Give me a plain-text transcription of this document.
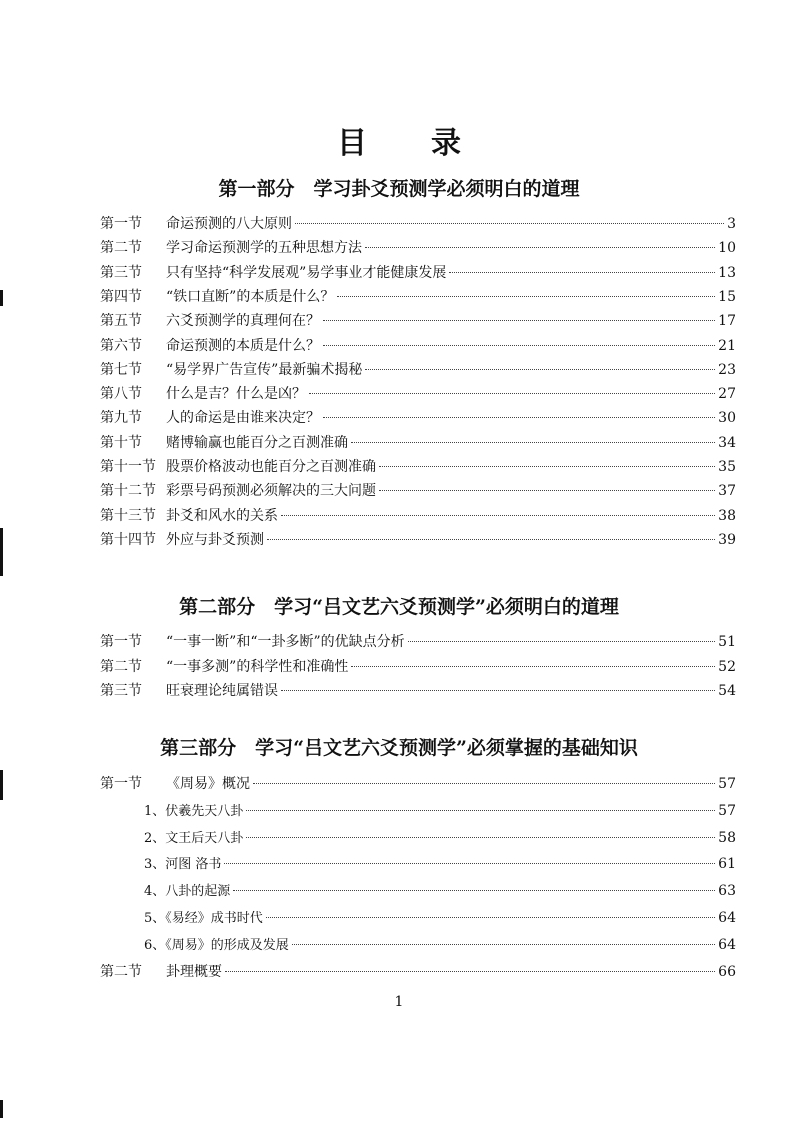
目录
第一部分　学习卦爻预测学必须明白的道理
第一节	命运预测的八大原则	3
第二节	学习命运预测学的五种思想方法	10
第三节	只有坚持“科学发展观”易学事业才能健康发展	13
第四节	“铁口直断”的本质是什么？	15
第五节	六爻预测学的真理何在？	17
第六节	命运预测的本质是什么？	21
第七节	“易学界广告宣传”最新骗术揭秘	23
第八节	什么是吉？什么是凶？	27
第九节	人的命运是由谁来决定？	30
第十节	赌博输赢也能百分之百测准确	34
第十一节 股票价格波动也能百分之百测准确	35
第十二节 彩票号码预测必须解决的三大问题	37
第十三节 卦爻和风水的关系	38
第十四节 外应与卦爻预测	39
第二部分　学习“吕文艺六爻预测学”必须明白的道理
第一节	“一事一断”和“一卦多断”的优缺点分析	51
第二节	“一事多测”的科学性和准确性	52
第三节	旺衰理论纯属错误	54
第三部分　学习“吕文艺六爻预测学”必须掌握的基础知识
第一节	《周易》概况	57
1、伏羲先天八卦	57
2、文王后天八卦	58
3、河图 洛书	61
4、八卦的起源	63
5、《易经》成书时代	64
6、《周易》的形成及发展	64
第二节	卦理概要	66
1
